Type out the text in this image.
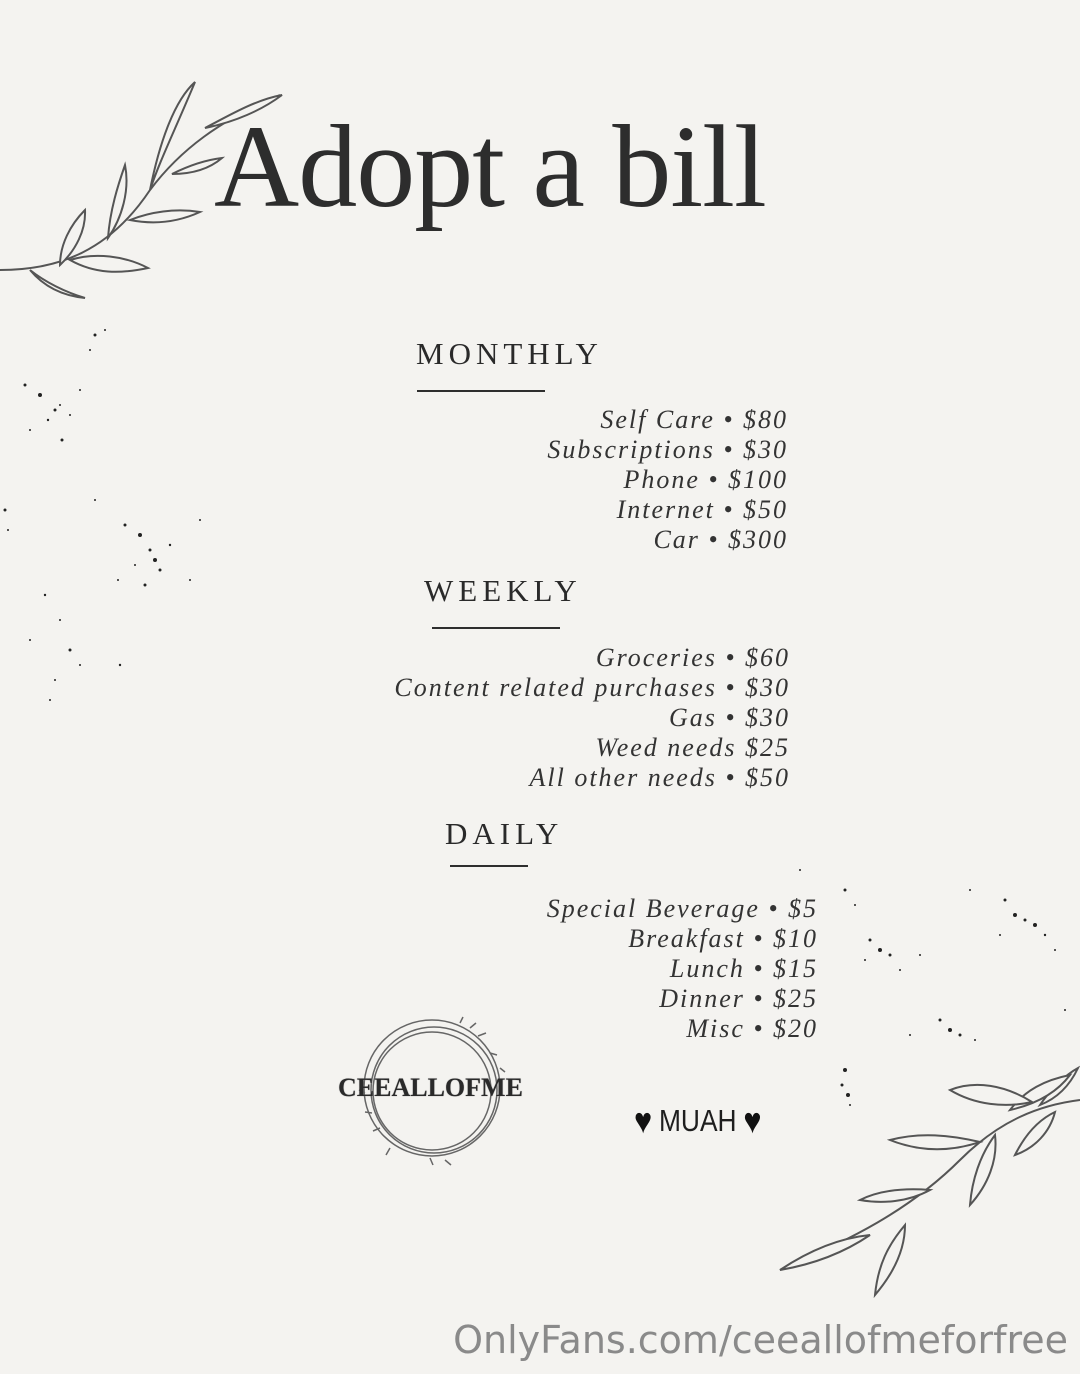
Adopt a bill
MONTHLY
Self Care • $80
Subscriptions • $30
Phone • $100
Internet • $50
Car • $300
WEEKLY
Groceries • $60
Content related purchases • $30
Gas • $30
Weed needs $25
All other needs • $50
DAILY
Special Beverage • $5
Breakfast • $10
Lunch • $15
Dinner • $25
Misc • $20
CEEALLOFME
♥ MUAH ♥
OnlyFans.com/ceeallofmeforfree
